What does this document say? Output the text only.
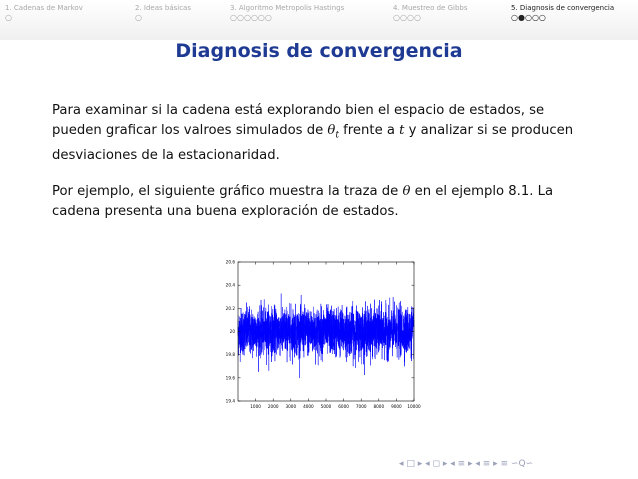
1. Cadenas de Markov
○
2. Ideas básicas
○
3. Algoritmo Metropolis Hastings
○○○○○○
4. Muestreo de Gibbs
○○○○
5. Diagnosis de convergencia
○●○○○
Diagnosis de convergencia
Para examinar si la cadena está explorando bien el espacio de estados, se pueden graficar los valroes simulados de $\theta_t$ frente a t y analizar si se producen desviaciones de la estacionaridad.
Por ejemplo, el siguiente gráfico muestra la traza de θ en el ejemplo 8.1. La cadena presenta una buena exploración de estados.
1000 2000 3000 4000 5000 6000 7000 8000 9000 10000
19.4
19.6
19.8
20
20.2
20.4
20.6
◂ □ ▸ ◂ ◻ ▸ ◂ ≡ ▸ ◂ ≡ ▸ ≡ ∽Q∽
